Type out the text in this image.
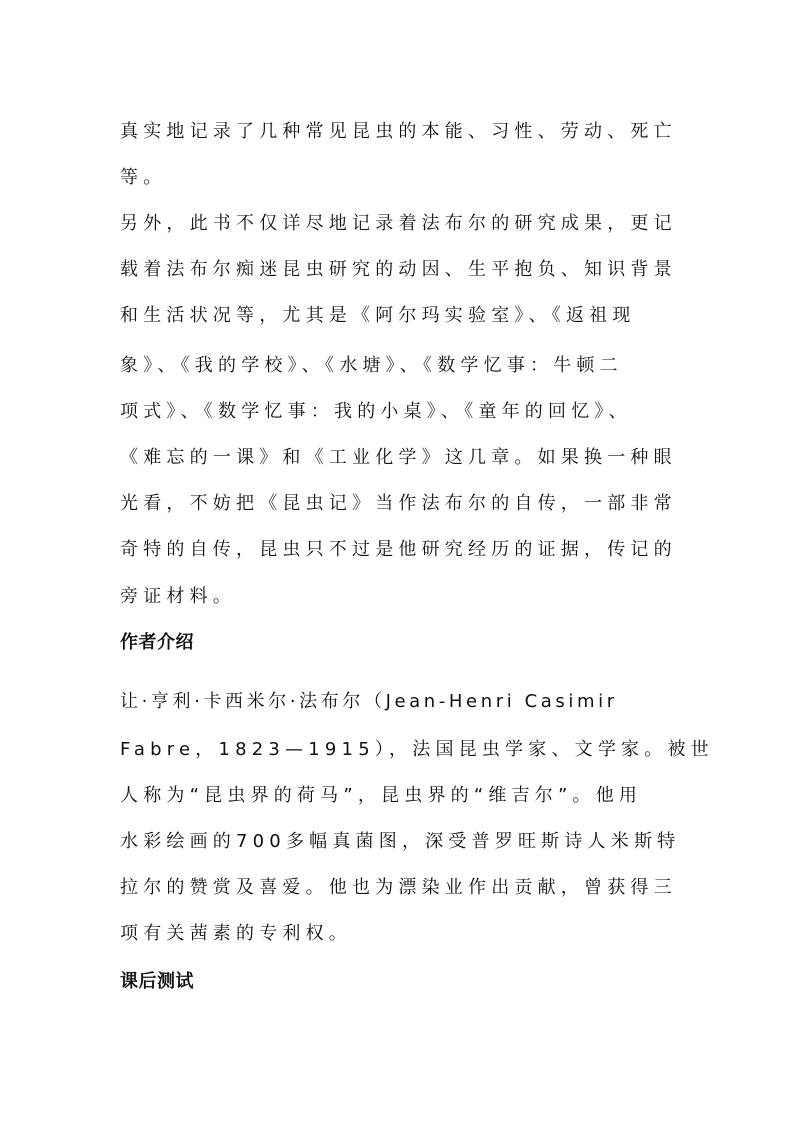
真实地记录了几种常见昆虫的本能、习性、劳动、死亡

等。

另外，此书不仅详尽地记录着法布尔的研究成果，更记

载着法布尔痴迷昆虫研究的动因、生平抱负、知识背景

和生活状况等，尤其是《阿尔玛实验室》、《返祖现

象》、《我的学校》、《水塘》、《数学忆事：牛顿二

项式》、《数学忆事：我的小桌》、《童年的回忆》、

《难忘的一课》和《工业化学》这几章。如果换一种眼

光看，不妨把《昆虫记》当作法布尔的自传，一部非常

奇特的自传，昆虫只不过是他研究经历的证据，传记的

旁证材料。

作者介绍

让·亨利·卡西米尔·法布尔（Jean-Henri Casimir

Fabre，1823—1915），法国昆虫学家、文学家。被世

人称为“昆虫界的荷马”，昆虫界的“维吉尔”。他用

水彩绘画的700多幅真菌图，深受普罗旺斯诗人米斯特

拉尔的赞赏及喜爱。他也为漂染业作出贡献，曾获得三

项有关茜素的专利权。

课后测试
